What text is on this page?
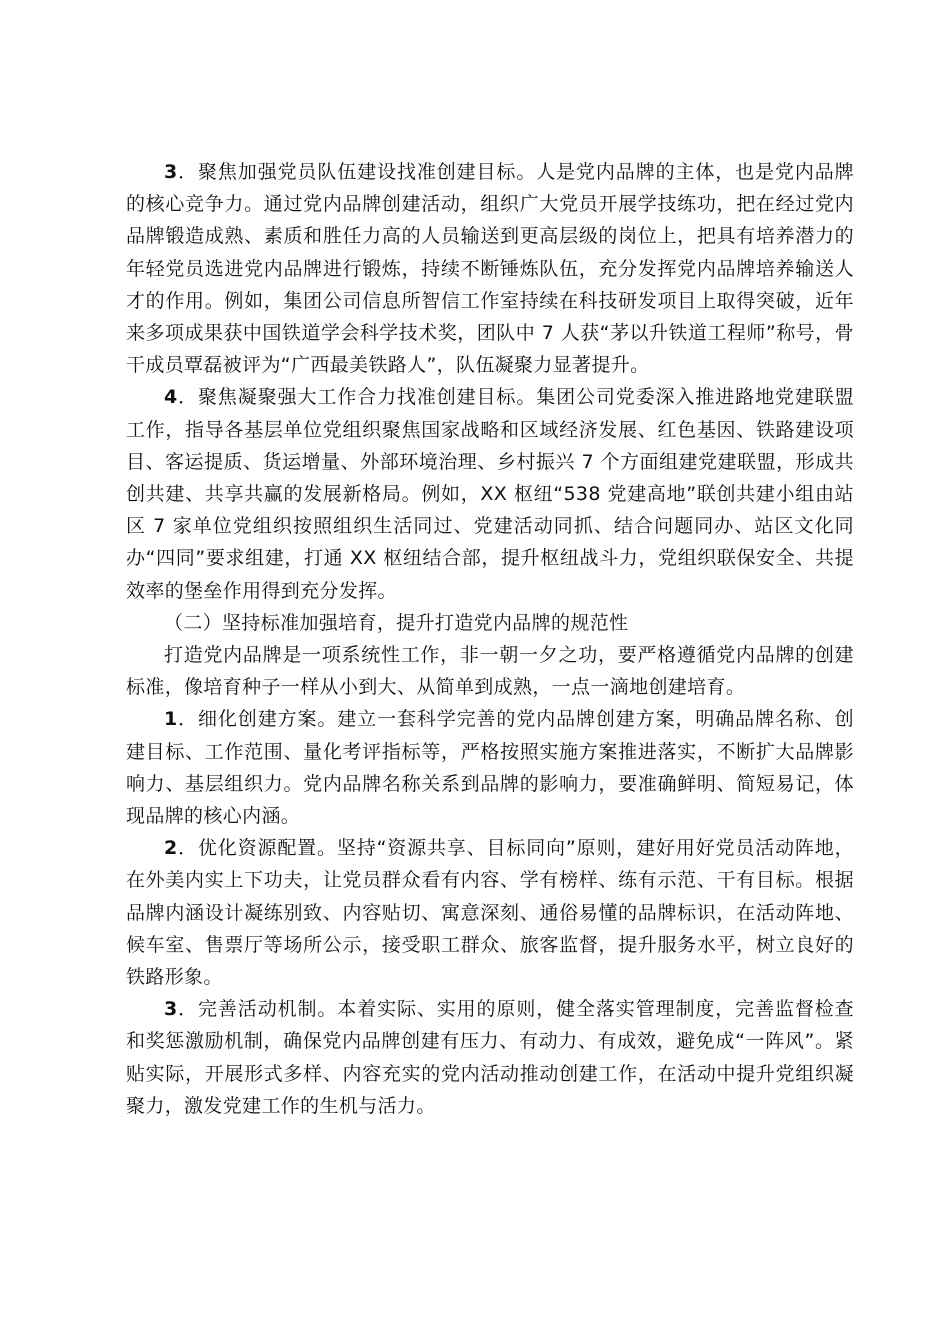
3．聚焦加强党员队伍建设找准创建目标。人是党内品牌的主体，也是党内品牌的核心竞争力。通过党内品牌创建活动，组织广大党员开展学技练功，把在经过党内品牌锻造成熟、素质和胜任力高的人员输送到更高层级的岗位上，把具有培养潜力的年轻党员选进党内品牌进行锻炼，持续不断锤炼队伍，充分发挥党内品牌培养输送人才的作用。例如，集团公司信息所智信工作室持续在科技研发项目上取得突破，近年来多项成果获中国铁道学会科学技术奖，团队中 7 人获“茅以升铁道工程师”称号，骨干成员覃磊被评为“广西最美铁路人”，队伍凝聚力显著提升。

4．聚焦凝聚强大工作合力找准创建目标。集团公司党委深入推进路地党建联盟工作，指导各基层单位党组织聚焦国家战略和区域经济发展、红色基因、铁路建设项目、客运提质、货运增量、外部环境治理、乡村振兴 7 个方面组建党建联盟，形成共创共建、共享共赢的发展新格局。例如，XX 枢纽“538 党建高地”联创共建小组由站区 7 家单位党组织按照组织生活同过、党建活动同抓、结合问题同办、站区文化同办“四同”要求组建，打通 XX 枢纽结合部，提升枢纽战斗力，党组织联保安全、共提效率的堡垒作用得到充分发挥。

（二）坚持标准加强培育，提升打造党内品牌的规范性

打造党内品牌是一项系统性工作，非一朝一夕之功，要严格遵循党内品牌的创建标准，像培育种子一样从小到大、从简单到成熟，一点一滴地创建培育。

1．细化创建方案。建立一套科学完善的党内品牌创建方案，明确品牌名称、创建目标、工作范围、量化考评指标等，严格按照实施方案推进落实，不断扩大品牌影响力、基层组织力。党内品牌名称关系到品牌的影响力，要准确鲜明、简短易记，体现品牌的核心内涵。

2．优化资源配置。坚持“资源共享、目标同向”原则，建好用好党员活动阵地，在外美内实上下功夫，让党员群众看有内容、学有榜样、练有示范、干有目标。根据品牌内涵设计凝练别致、内容贴切、寓意深刻、通俗易懂的品牌标识，在活动阵地、候车室、售票厅等场所公示，接受职工群众、旅客监督，提升服务水平，树立良好的铁路形象。

3．完善活动机制。本着实际、实用的原则，健全落实管理制度，完善监督检查和奖惩激励机制，确保党内品牌创建有压力、有动力、有成效，避免成“一阵风”。紧贴实际，开展形式多样、内容充实的党内活动推动创建工作，在活动中提升党组织凝聚力，激发党建工作的生机与活力。
